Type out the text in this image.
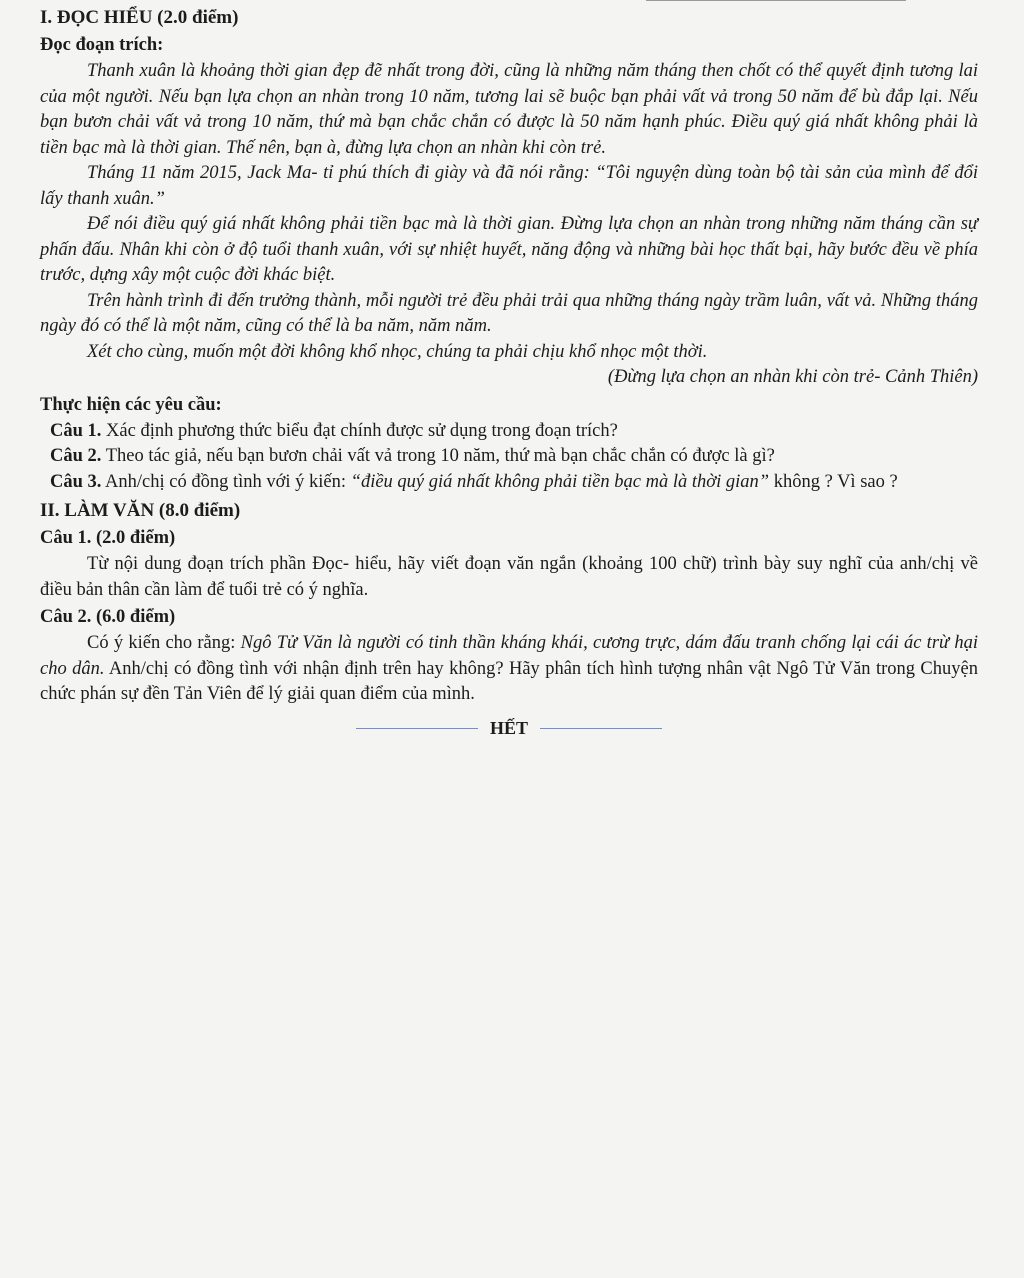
I. ĐỌC HIỂU (2.0 điểm)

Đọc đoạn trích:

Thanh xuân là khoảng thời gian đẹp đẽ nhất trong đời, cũng là những năm tháng then chốt có thể quyết định tương lai của một người. Nếu bạn lựa chọn an nhàn trong 10 năm, tương lai sẽ buộc bạn phải vất vả trong 50 năm để bù đắp lại. Nếu bạn bươn chải vất vả trong 10 năm, thứ mà bạn chắc chắn có được là 50 năm hạnh phúc. Điều quý giá nhất không phải là tiền bạc mà là thời gian. Thế nên, bạn à, đừng lựa chọn an nhàn khi còn trẻ.

Tháng 11 năm 2015, Jack Ma- tỉ phú thích đi giày và đã nói rằng: “Tôi nguyện dùng toàn bộ tài sản của mình để đổi lấy thanh xuân.”

Để nói điều quý giá nhất không phải tiền bạc mà là thời gian. Đừng lựa chọn an nhàn trong những năm tháng cần sự phấn đấu. Nhân khi còn ở độ tuổi thanh xuân, với sự nhiệt huyết, năng động và những bài học thất bại, hãy bước đều về phía trước, dựng xây một cuộc đời khác biệt.

Trên hành trình đi đến trưởng thành, mỗi người trẻ đều phải trải qua những tháng ngày trầm luân, vất vả. Những tháng ngày đó có thể là một năm, cũng có thể là ba năm, năm năm.

Xét cho cùng, muốn một đời không khổ nhọc, chúng ta phải chịu khổ nhọc một thời.

(Đừng lựa chọn an nhàn khi còn trẻ- Cảnh Thiên)

Thực hiện các yêu cầu:

Câu 1. Xác định phương thức biểu đạt chính được sử dụng trong đoạn trích?

Câu 2. Theo tác giả, nếu bạn bươn chải vất vả trong 10 năm, thứ mà bạn chắc chắn có được là gì?

Câu 3. Anh/chị có đồng tình với ý kiến: “điều quý giá nhất không phải tiền bạc mà là thời gian” không ? Vì sao ?

II. LÀM VĂN (8.0 điểm)

Câu 1. (2.0 điểm)

Từ nội dung đoạn trích phần Đọc- hiểu, hãy viết đoạn văn ngắn (khoảng 100 chữ) trình bày suy nghĩ của anh/chị về điều bản thân cần làm để tuổi trẻ có ý nghĩa.

Câu 2. (6.0 điểm)

Có ý kiến cho rằng: Ngô Tử Văn là người có tinh thần kháng khái, cương trực, dám đấu tranh chống lại cái ác trừ hại cho dân. Anh/chị có đồng tình với nhận định trên hay không? Hãy phân tích hình tượng nhân vật Ngô Tử Văn trong Chuyện chức phán sự đền Tản Viên để lý giải quan điểm của mình.

HẾT
